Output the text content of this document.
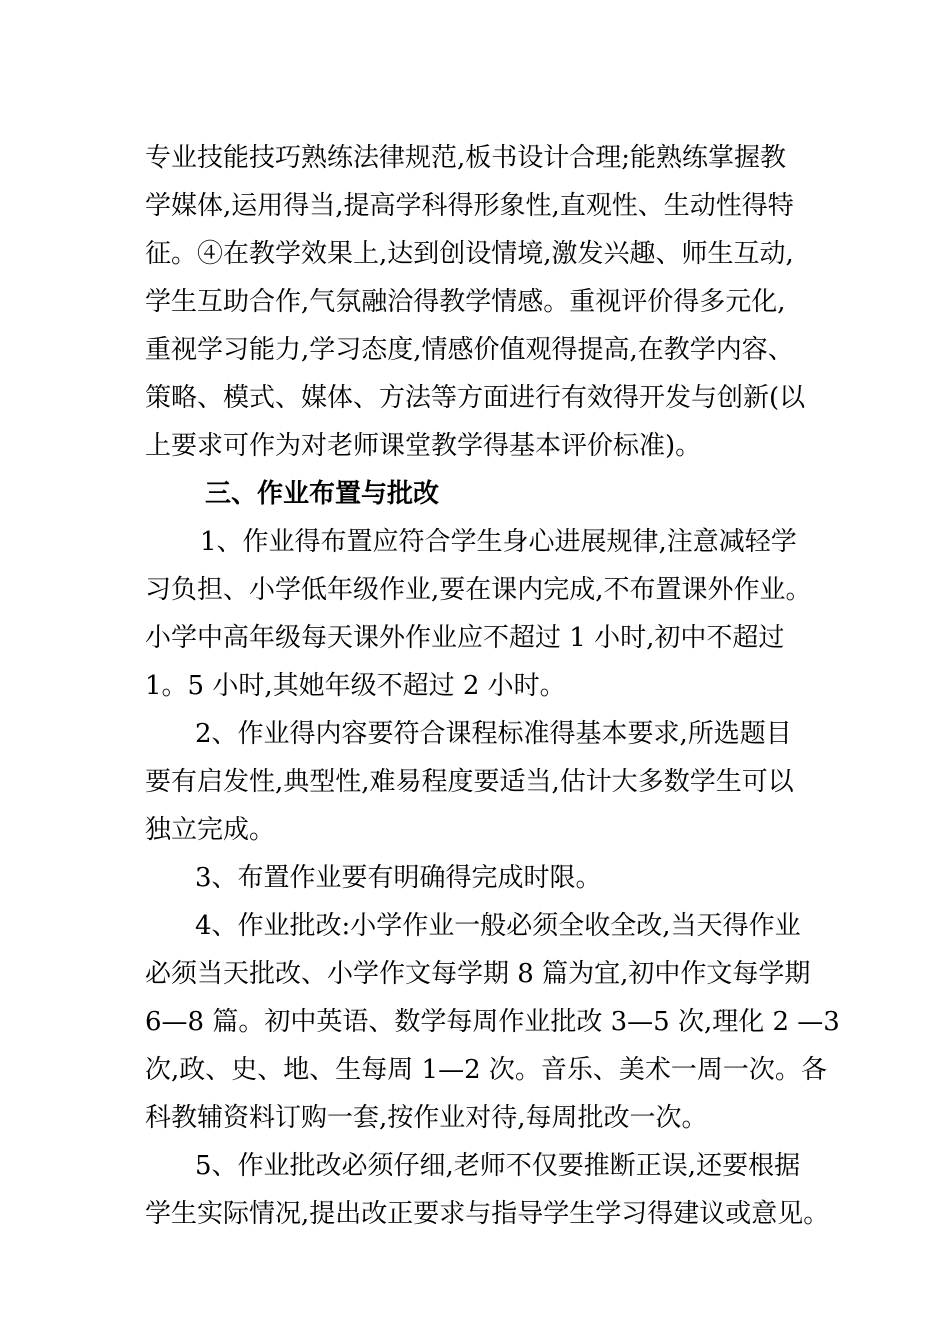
专业技能技巧熟练法律规范,板书设计合理;能熟练掌握教
学媒体,运用得当,提高学科得形象性,直观性、生动性得特
征。④在教学效果上,达到创设情境,激发兴趣、师生互动,
学生互助合作,气氛融洽得教学情感。重视评价得多元化,
重视学习能力,学习态度,情感价值观得提高,在教学内容、
策略、模式、媒体、方法等方面进行有效得开发与创新(以
上要求可作为对老师课堂教学得基本评价标准)。
三、作业布置与批改
1、作业得布置应符合学生身心进展规律,注意减轻学
习负担、小学低年级作业,要在课内完成,不布置课外作业。
小学中高年级每天课外作业应不超过 1 小时,初中不超过
1。5 小时,其她年级不超过 2 小时。
2、作业得内容要符合课程标准得基本要求,所选题目
要有启发性,典型性,难易程度要适当,估计大多数学生可以
独立完成。
3、布置作业要有明确得完成时限。
4、作业批改:小学作业一般必须全收全改,当天得作业
必须当天批改、小学作文每学期 8 篇为宜,初中作文每学期
6—8 篇。初中英语、数学每周作业批改 3—5 次,理化 2 —3
次,政、史、地、生每周 1—2 次。音乐、美术一周一次。各
科教辅资料订购一套,按作业对待,每周批改一次。
5、作业批改必须仔细,老师不仅要推断正误,还要根据
学生实际情况,提出改正要求与指导学生学习得建议或意见。
